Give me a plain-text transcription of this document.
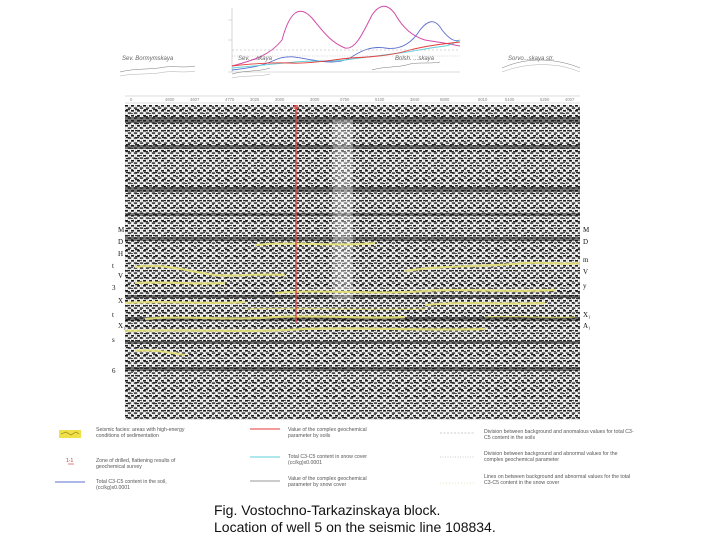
0	4600	4607	4770	3025	3000	3000	0750	5100	3840	5800	5010	5100	5250	4007
Sev. Bormymskaya	Sev. ...skaya	Bolsh. ...skaya	Sorvo...skaya str.
M
D
H
t
V
3
X
t
X₁
s
6
M
D
m
V
y
X₁
A₁
1-1
Seismic facies: areas with high-energy conditions of sedimentation
Zone of drilled, flattening results of geochemical survey
Total C3-C5 content in the soil, (cc/kg)x0.0001
Value of the complex geochemical parameter by soils
Total C3-C5 content in snow cover (cc/kg)x0.0001
Value of the complex geochemical parameter by snow cover
Division between background and anomalous values for total C3-C5 content in the soils
Division between background and abnormal values for the complex geochemical parameter
Lines on between background and abnormal values for the total C3-C5 content in the snow cover
Fig. Vostochno-Tarkazinskaya block.
Location of well 5 on the seismic line 108834.
